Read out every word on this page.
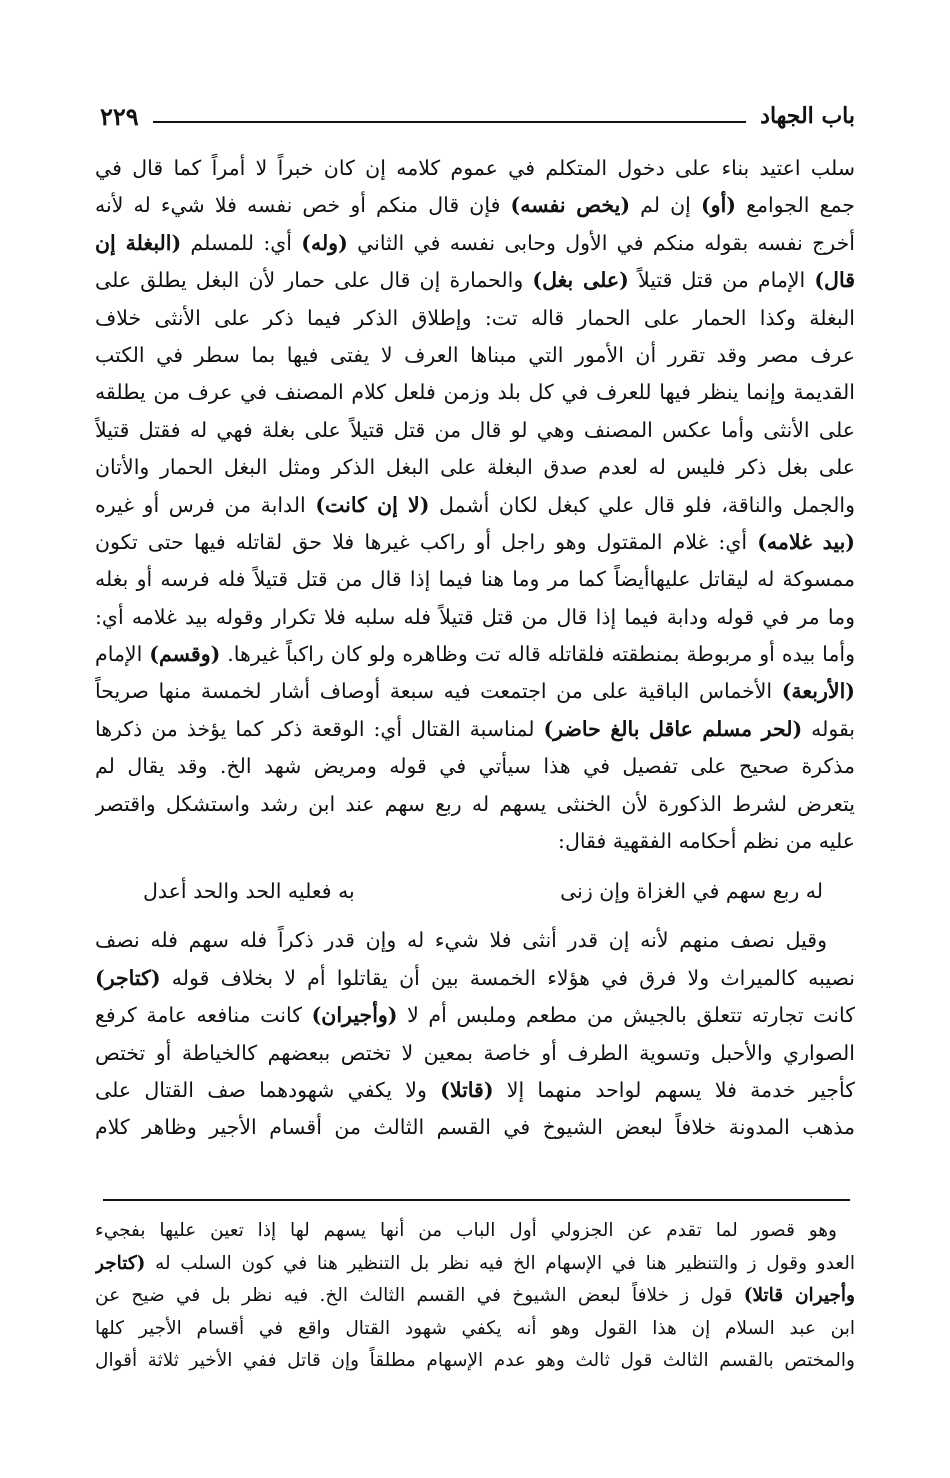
باب الجهاد
٢٢٩
سلب اعتيد بناء على دخول المتكلم في عموم كلامه إن كان خبراً لا أمراً كما قال في
جمع الجوامع (أو) إن لم (يخص نفسه) فإن قال منكم أو خص نفسه فلا شيء له لأنه
أخرج نفسه بقوله منكم في الأول وحابى نفسه في الثاني (وله) أي: للمسلم (البغلة إن
قال) الإمام من قتل قتيلاً (على بغل) والحمارة إن قال على حمار لأن البغل يطلق على
البغلة وكذا الحمار على الحمار قاله تت: وإطلاق الذكر فيما ذكر على الأنثى خلاف
عرف مصر وقد تقرر أن الأمور التي مبناها العرف لا يفتى فيها بما سطر في الكتب
القديمة وإنما ينظر فيها للعرف في كل بلد وزمن فلعل كلام المصنف في عرف من يطلقه
على الأنثى وأما عكس المصنف وهي لو قال من قتل قتيلاً على بغلة فهي له فقتل قتيلاً
على بغل ذكر فليس له لعدم صدق البغلة على البغل الذكر ومثل البغل الحمار والأتان
والجمل والناقة، فلو قال علي كبغل لكان أشمل (لا إن كانت) الدابة من فرس أو غيره
(بيد غلامه) أي: غلام المقتول وهو راجل أو راكب غيرها فلا حق لقاتله فيها حتى تكون
ممسوكة له ليقاتل عليهاأيضاً كما مر وما هنا فيما إذا قال من قتل قتيلاً فله فرسه أو بغله
وما مر في قوله ودابة فيما إذا قال من قتل قتيلاً فله سلبه فلا تكرار وقوله بيد غلامه أي:
وأما بيده أو مربوطة بمنطقته فلقاتله قاله تت وظاهره ولو كان راكباً غيرها. (وقسم) الإمام
(الأربعة) الأخماس الباقية على من اجتمعت فيه سبعة أوصاف أشار لخمسة منها صريحاً
بقوله (لحر مسلم عاقل بالغ حاضر) لمناسبة القتال أي: الوقعة ذكر كما يؤخذ من ذكرها
مذكرة صحيح على تفصيل في هذا سيأتي في قوله ومريض شهد الخ. وقد يقال لم
يتعرض لشرط الذكورة لأن الخنثى يسهم له ربع سهم عند ابن رشد واستشكل واقتصر
عليه من نظم أحكامه الفقهية فقال:
له ربع سهم في الغزاة وإن زنى
به فعليه الحد والحد أعدل
وقيل نصف منهم لأنه إن قدر أنثى فلا شيء له وإن قدر ذكراً فله سهم فله نصف
نصيبه كالميراث ولا فرق في هؤلاء الخمسة بين أن يقاتلوا أم لا بخلاف قوله (كتاجر)
كانت تجارته تتعلق بالجيش من مطعم وملبس أم لا (وأجيران) كانت منافعه عامة كرفع
الصواري والأحبل وتسوية الطرف أو خاصة بمعين لا تختص ببعضهم كالخياطة أو تختص
كأجير خدمة فلا يسهم لواحد منهما إلا (قاتلا) ولا يكفي شهودهما صف القتال على
مذهب المدونة خلافاً لبعض الشيوخ في القسم الثالث من أقسام الأجير وظاهر كلام
وهو قصور لما تقدم عن الجزولي أول الباب من أنها يسهم لها إذا تعين عليها بفجيء
العدو وقول ز والتنظير هنا في الإسهام الخ فيه نظر بل التنظير هنا في كون السلب له (كتاجر
وأجيران قاتلا) قول ز خلافاً لبعض الشيوخ في القسم الثالث الخ. فيه نظر بل في ضيح عن
ابن عبد السلام إن هذا القول وهو أنه يكفي شهود القتال واقع في أقسام الأجير كلها
والمختص بالقسم الثالث قول ثالث وهو عدم الإسهام مطلقاً وإن قاتل ففي الأخير ثلاثة أقوال
